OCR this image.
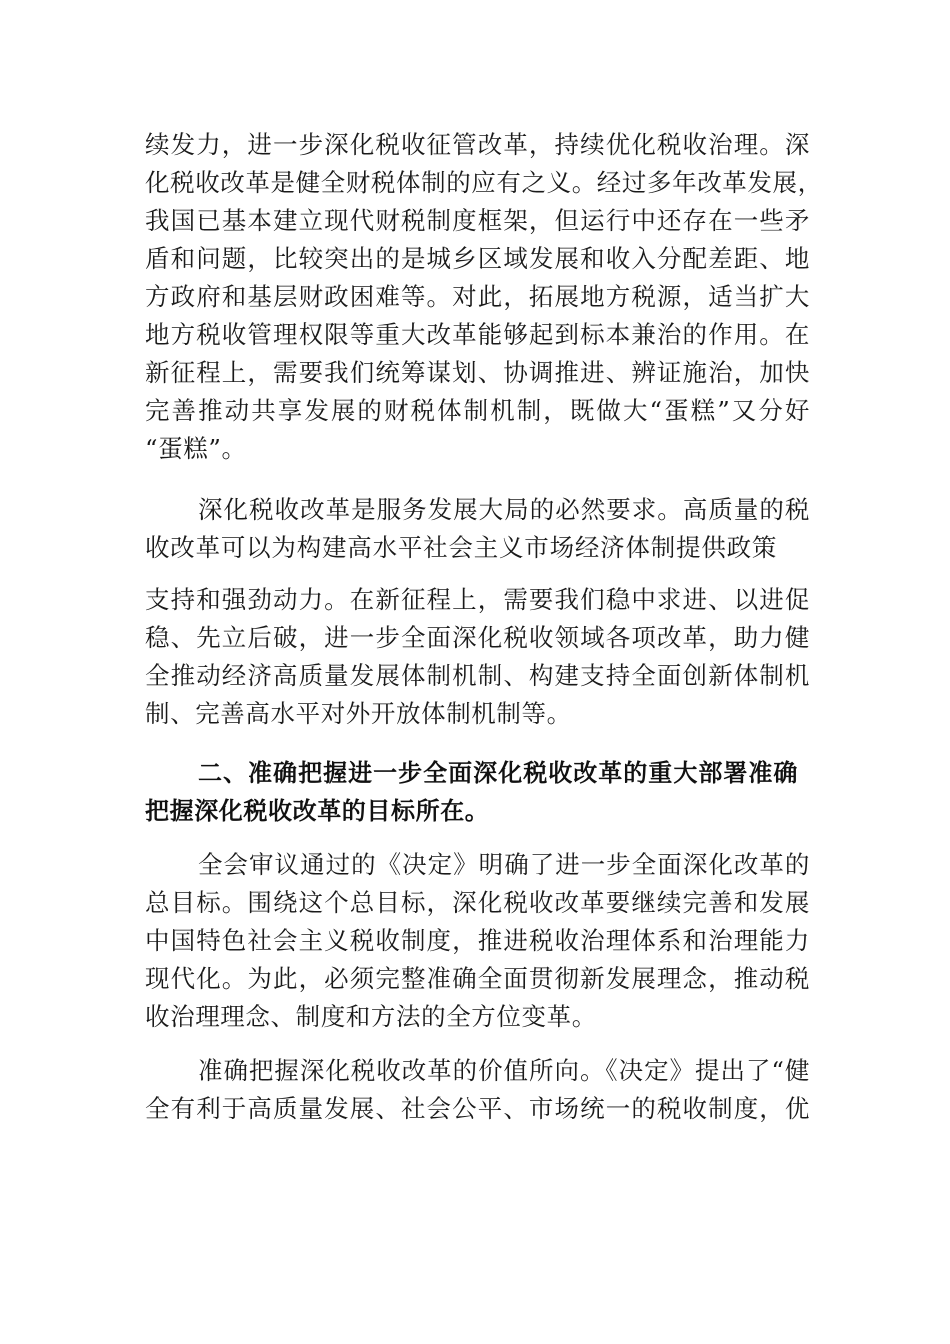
续发力，进一步深化税收征管改革，持续优化税收治理。深
化税收改革是健全财税体制的应有之义。经过多年改革发展，
我国已基本建立现代财税制度框架，但运行中还存在一些矛
盾和问题，比较突出的是城乡区域发展和收入分配差距、地
方政府和基层财政困难等。对此，拓展地方税源，适当扩大
地方税收管理权限等重大改革能够起到标本兼治的作用。在
新征程上，需要我们统筹谋划、协调推进、辨证施治，加快
完善推动共享发展的财税体制机制，既做大“蛋糕”又分好
“蛋糕”。
深化税收改革是服务发展大局的必然要求。高质量的税
收改革可以为构建高水平社会主义市场经济体制提供政策
支持和强劲动力。在新征程上，需要我们稳中求进、以进促
稳、先立后破，进一步全面深化税收领域各项改革，助力健
全推动经济高质量发展体制机制、构建支持全面创新体制机
制、完善高水平对外开放体制机制等。
二、准确把握进一步全面深化税收改革的重大部署准确
把握深化税收改革的目标所在。
全会审议通过的《决定》明确了进一步全面深化改革的
总目标。围绕这个总目标，深化税收改革要继续完善和发展
中国特色社会主义税收制度，推进税收治理体系和治理能力
现代化。为此，必须完整准确全面贯彻新发展理念，推动税
收治理理念、制度和方法的全方位变革。
准确把握深化税收改革的价值所向。《决定》提出了“健
全有利于高质量发展、社会公平、市场统一的税收制度，优
